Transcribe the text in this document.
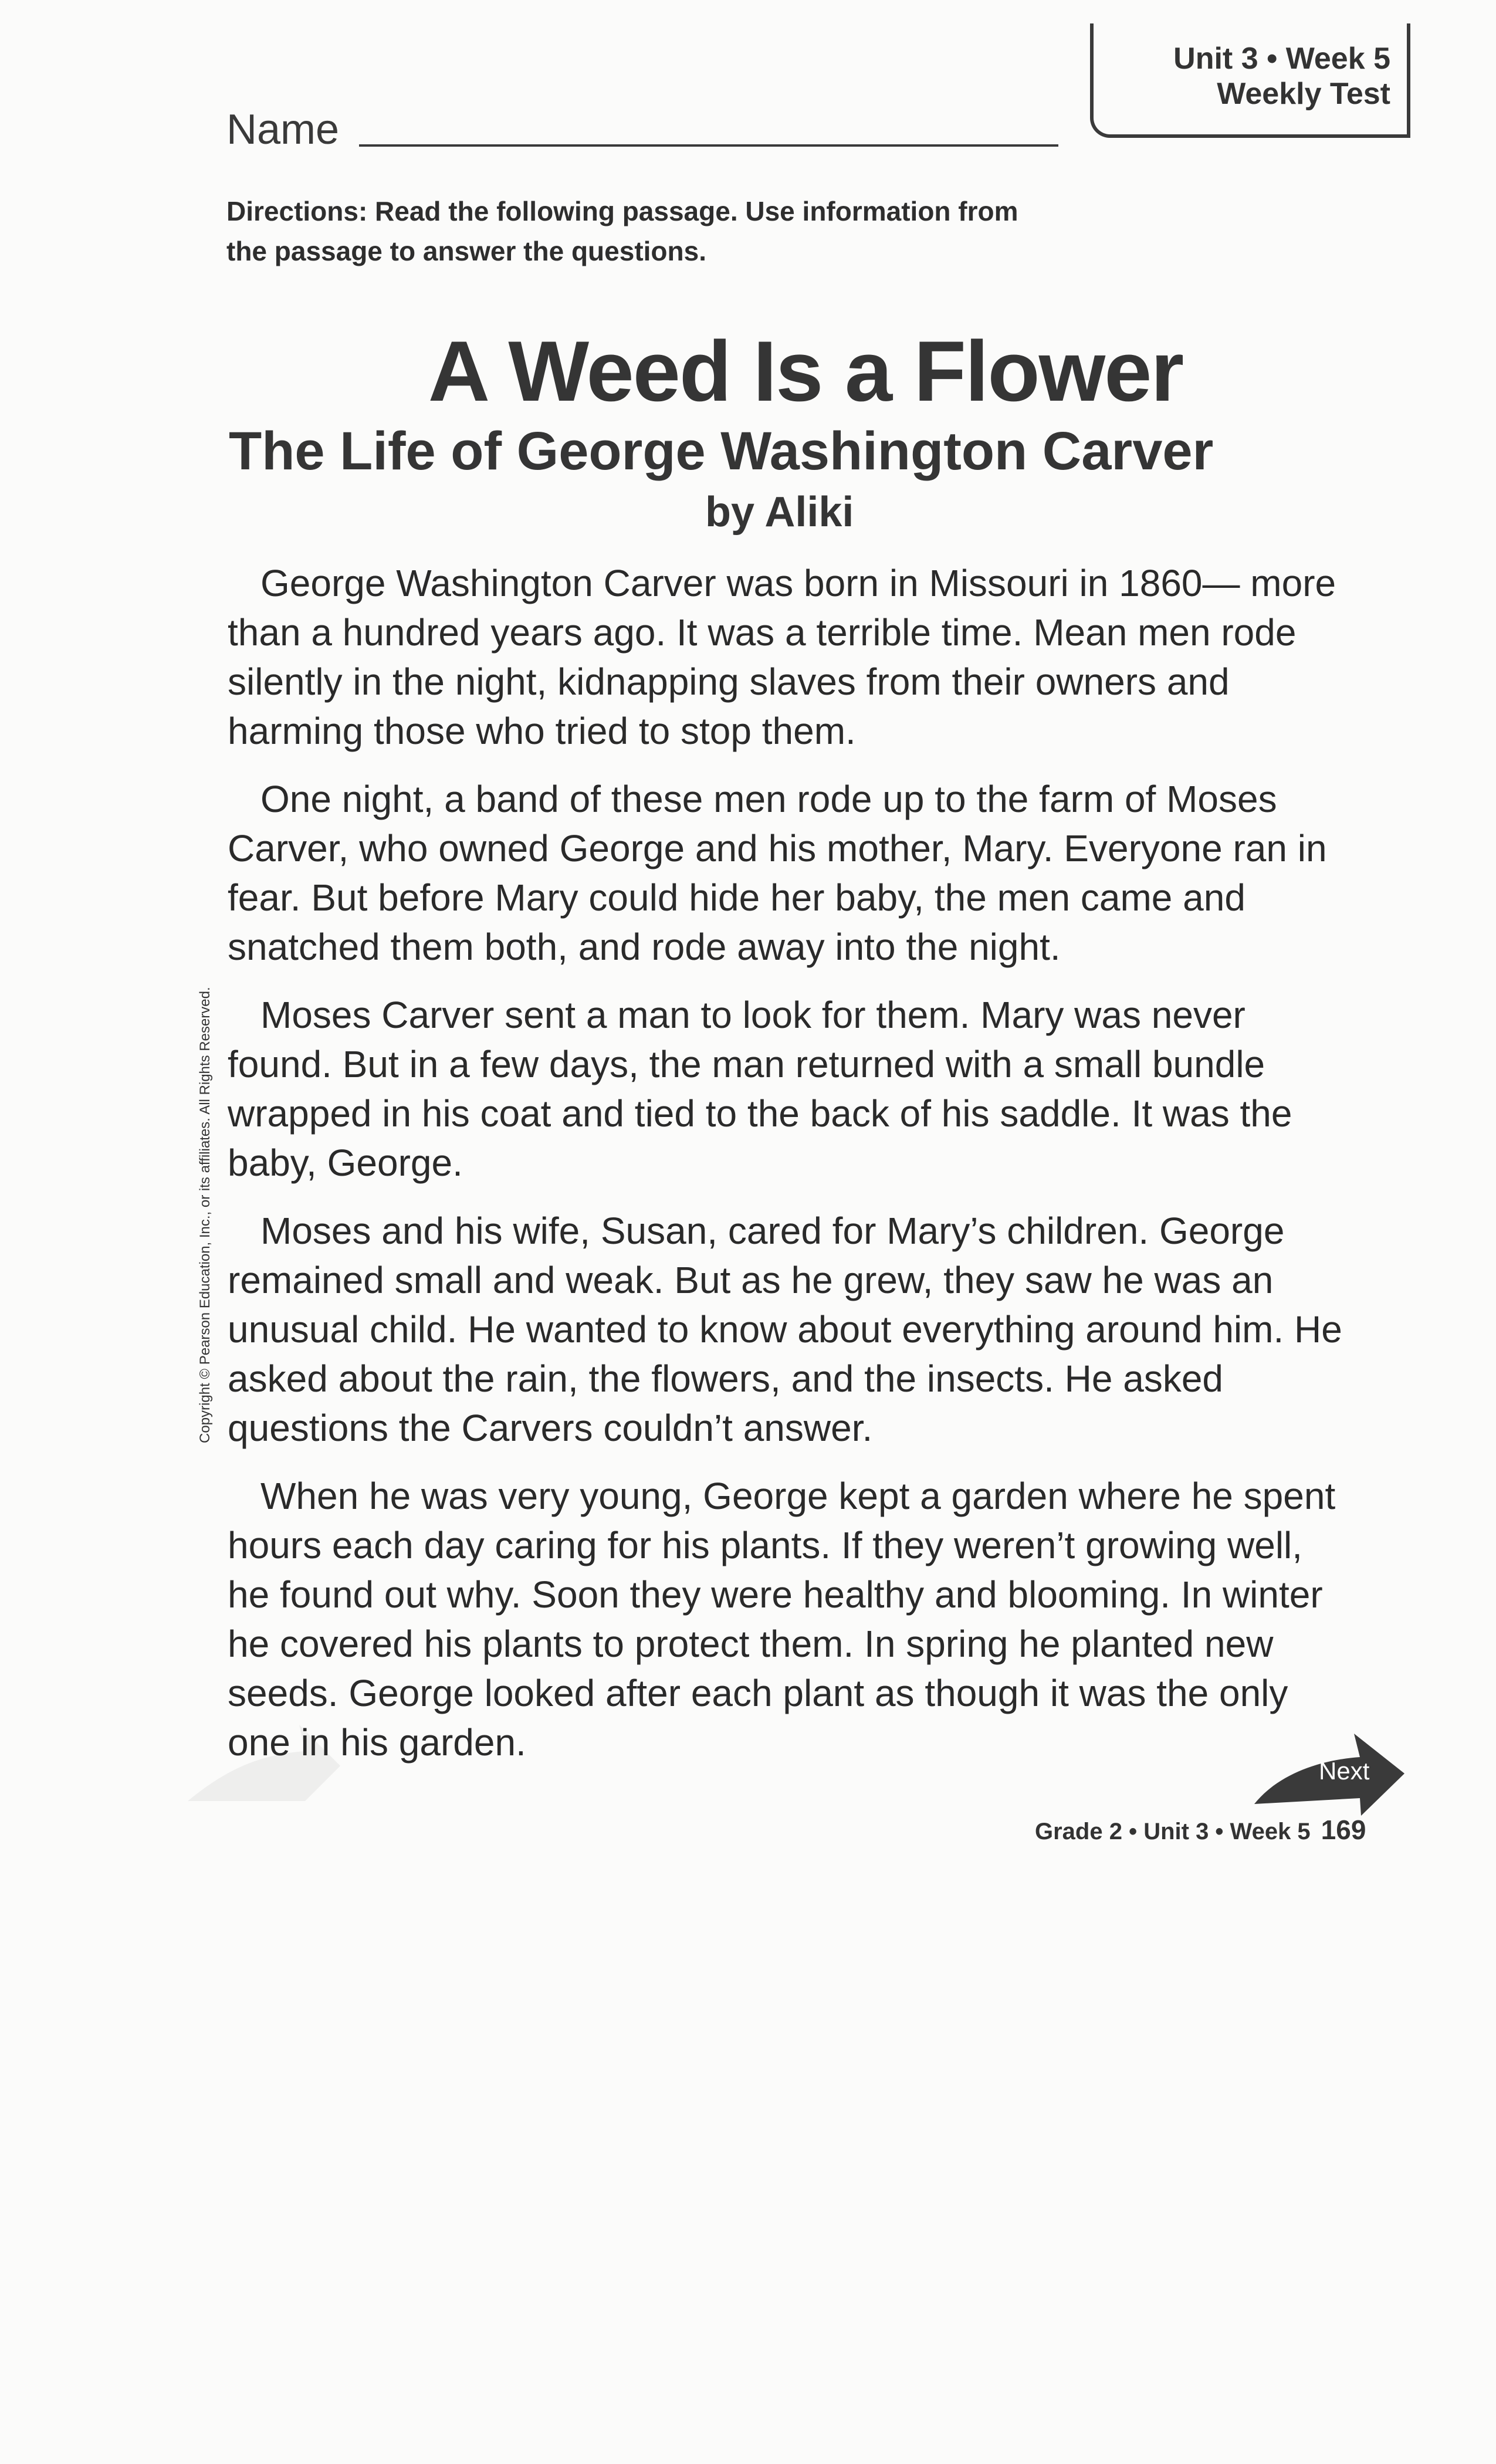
Unit 3 • Week 5
Weekly Test
Name
Directions: Read the following passage. Use information from
the passage to answer the questions.
A Weed Is a Flower
The Life of George Washington Carver
by Aliki

George Washington Carver was born in Missouri in 1860— more than a hundred years ago. It was a terrible time. Mean men rode silently in the night, kidnapping slaves from their owners and harming those who tried to stop them.

One night, a band of these men rode up to the farm of Moses Carver, who owned George and his mother, Mary. Everyone ran in fear. But before Mary could hide her baby, the men came and snatched them both, and rode away into the night.

Moses Carver sent a man to look for them. Mary was never found. But in a few days, the man returned with a small bundle wrapped in his coat and tied to the back of his saddle. It was the baby, George.

Moses and his wife, Susan, cared for Mary’s children. George remained small and weak. But as he grew, they saw he was an unusual child. He wanted to know about everything around him. He asked about the rain, the flowers, and the insects. He asked questions the Carvers couldn’t answer.

When he was very young, George kept a garden where he spent hours each day caring for his plants. If they weren’t growing well, he found out why. Soon they were healthy and blooming. In winter he covered his plants to protect them. In spring he planted new seeds. George looked after each plant as though it was the only one in his garden.

Copyright © Pearson Education, Inc., or its affiliates. All Rights Reserved.
Next
Grade 2 • Unit 3 • Week 5 169
